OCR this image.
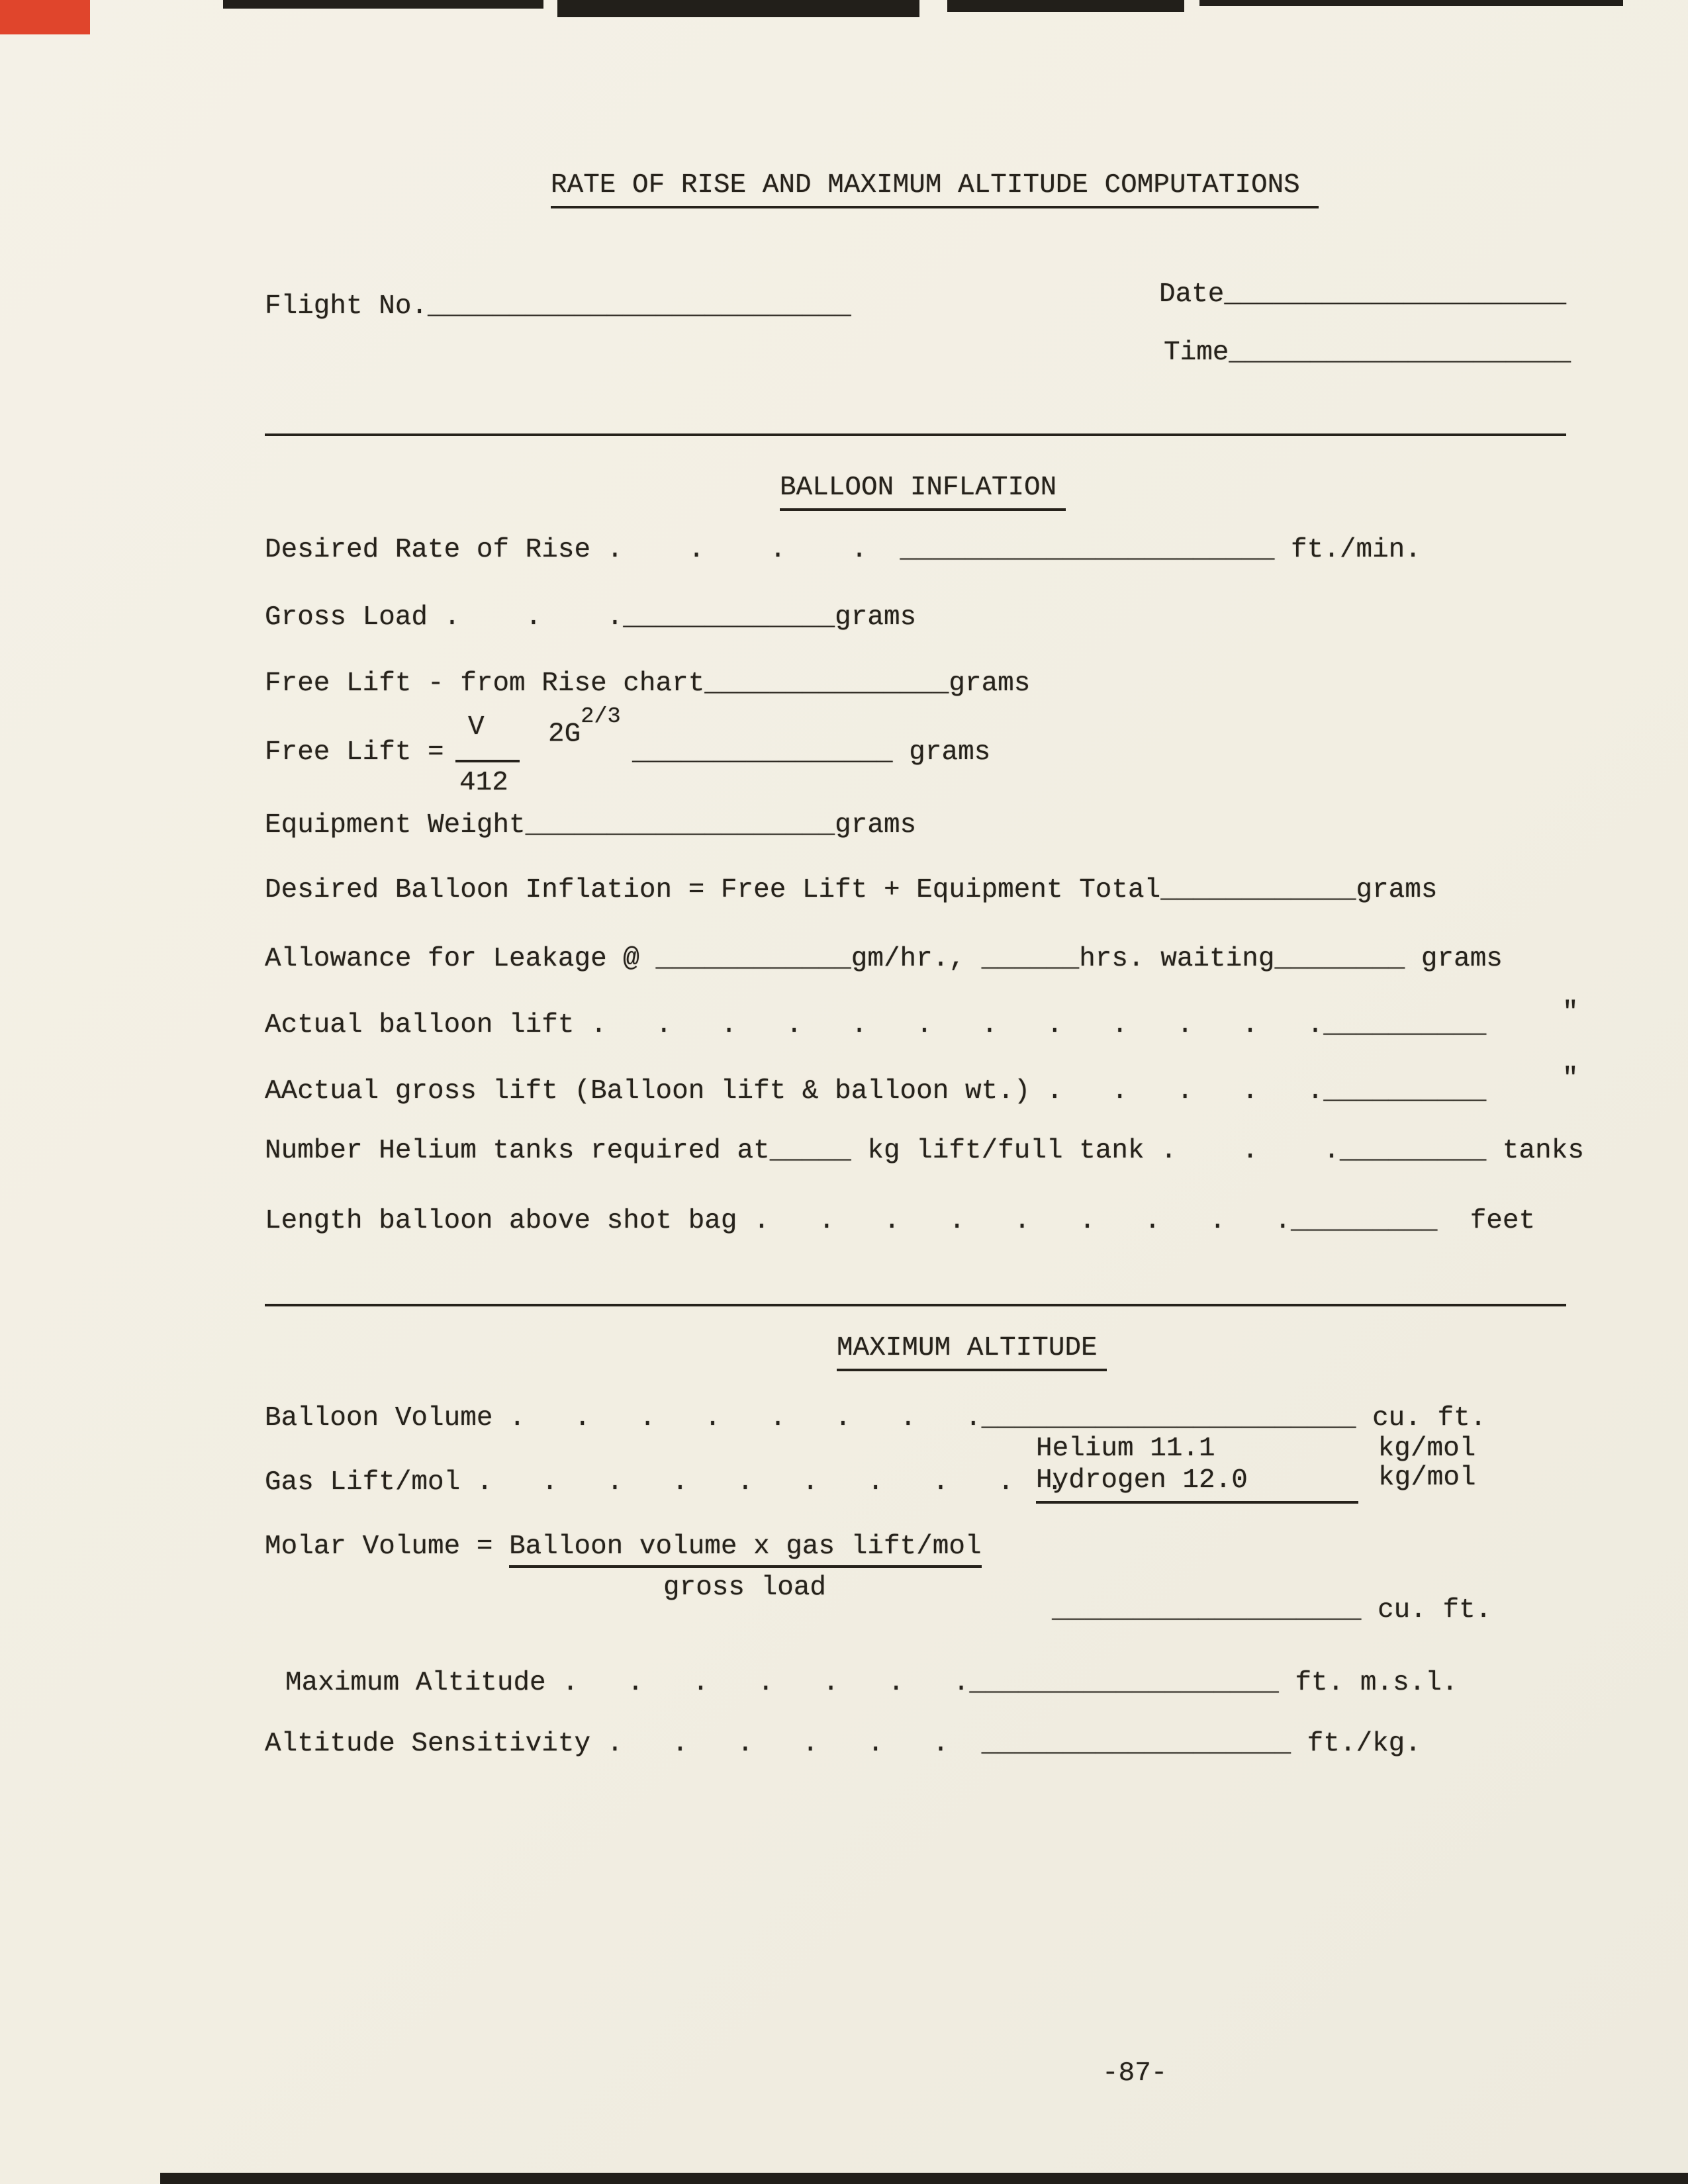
RATE OF RISE AND MAXIMUM ALTITUDE COMPUTATIONS
Flight No.__________________________	Date_____________________
Time_____________________
BALLOON INFLATION
Desired Rate of Rise .    .    .    .  _______________________ ft./min.
Gross Load .    .    ._____________grams
Free Lift - from Rise chart_______________grams
Free Lift =
V
412
$2G^{2/3}$
________________ grams
Equipment Weight___________________grams
Desired Balloon Inflation = Free Lift + Equipment Total____________grams
Allowance for Leakage @ ____________gm/hr., ______hrs. waiting________ grams
Actual balloon lift .   .   .   .   .   .   .   .   .   .   .   .__________
AActual gross lift (Balloon lift & balloon wt.) .   .   .   .   .__________
Number Helium tanks required at_____ kg lift/full tank .    .    ._________ tanks
Length balloon above shot bag .   .   .   .   .   .   .   .   ._________  feet
"
"
MAXIMUM ALTITUDE
Balloon Volume .   .   .   .   .   .   .   ._______________________ cu. ft.
Helium 11.1          kg/mol
Gas Lift/mol .   .   .   .   .   .   .   .   .  .
Hydrogen 12.0	kg/mol
Molar Volume = Balloon volume x gas lift/mol
gross load
___________________ cu. ft.
Maximum Altitude .   .   .   .   .   .   .___________________ ft. m.s.l.
Altitude Sensitivity .   .   .   .   .   .  ___________________ ft./kg.
-87-
